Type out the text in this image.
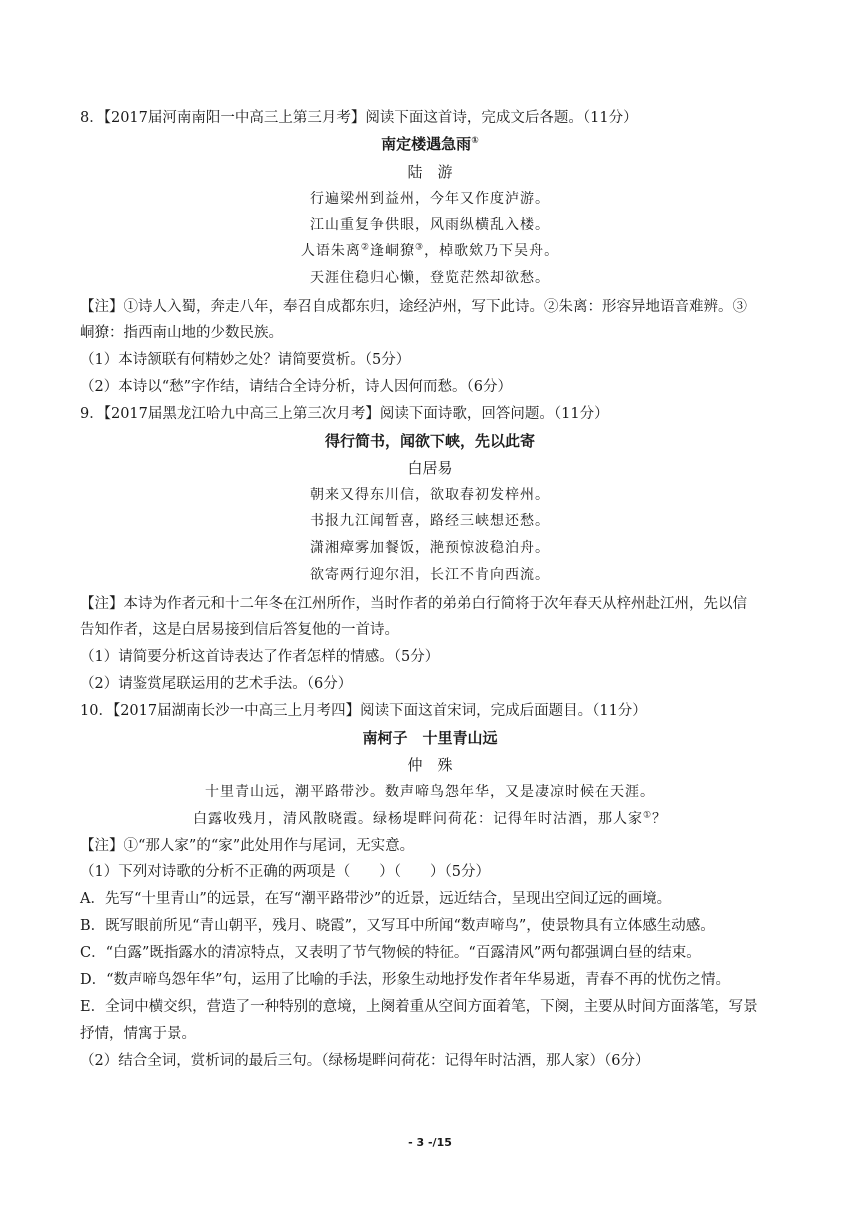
8．【2017届河南南阳一中高三上第三月考】阅读下面这首诗，完成文后各题。（11分）
南定楼遇急雨①
陆　游
行遍梁州到益州，今年又作度泸游。
江山重复争供眼，风雨纵横乱入楼。
人语朱离②逢峒獠③，棹歌欸乃下吴舟。
天涯住稳归心懒，登览茫然却欲愁。
【注】①诗人入蜀，奔走八年，奉召自成都东归，途经泸州，写下此诗。②朱离：形容异地语音难辨。③
峒獠：指西南山地的少数民族。
（1）本诗颔联有何精妙之处？请简要赏析。（5分）
（2）本诗以“愁”字作结，请结合全诗分析，诗人因何而愁。（6分）
9．【2017届黑龙江哈九中高三上第三次月考】阅读下面诗歌，回答问题。（11分）
得行简书，闻欲下峡，先以此寄
白居易
朝来又得东川信，欲取春初发梓州。
书报九江闻暂喜，路经三峡想还愁。
潇湘瘴雾加餐饭，滟预惊波稳泊舟。
欲寄两行迎尔泪，长江不肯向西流。
【注】本诗为作者元和十二年冬在江州所作，当时作者的弟弟白行简将于次年春天从梓州赴江州，先以信
告知作者，这是白居易接到信后答复他的一首诗。
（1）请简要分析这首诗表达了作者怎样的情感。（5分）
（2）请鉴赏尾联运用的艺术手法。（6分）
10．【2017届湖南长沙一中高三上月考四】阅读下面这首宋词，完成后面题目。（11分）
南柯子　十里青山远
仲　殊
十里青山远，潮平路带沙。数声啼鸟怨年华，又是凄凉时候在天涯。
白露收残月，清风散晓霞。绿杨堤畔问荷花：记得年时沽酒，那人家①？
【注】①“那人家”的“家”此处用作与尾词，无实意。
（1）下列对诗歌的分析不正确的两项是（　　）（　　）（5分）
A．先写“十里青山”的远景，在写“潮平路带沙”的近景，远近结合，呈现出空间辽远的画境。
B．既写眼前所见“青山朝平，残月、晓霞”，又写耳中所闻“数声啼鸟”，使景物具有立体感生动感。
C．“白露”既指露水的清凉特点，又表明了节气物候的特征。“百露清风”两句都强调白昼的结束。
D．“数声啼鸟怨年华”句，运用了比喻的手法，形象生动地抒发作者年华易逝，青春不再的忧伤之情。
E．全词中横交织，营造了一种特别的意境，上阕着重从空间方面着笔，下阕，主要从时间方面落笔，写景
抒情，情寓于景。
（2）结合全词，赏析词的最后三句。（绿杨堤畔问荷花：记得年时沽酒，那人家）（6分）
- 3 -/15
